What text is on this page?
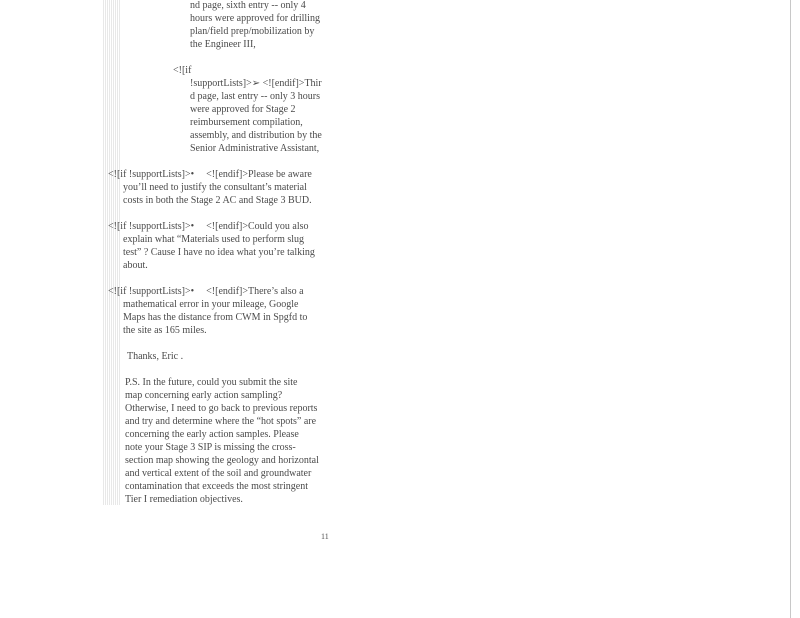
nd page, sixth entry -- only 4
hours were approved for drilling
plan/field prep/mobilization by
the Engineer III,
<![if
!supportLists]>➢ <![endif]>Thir
d page, last entry -- only 3 hours
were approved for Stage 2
reimbursement compilation,
assembly, and distribution by the
Senior Administrative Assistant,
<![if !supportLists]>• <![endif]>Please be aware
you’ll need to justify the consultant’s material
costs in both the Stage 2 AC and Stage 3 BUD.
<![if !supportLists]>• <![endif]>Could you also
explain what “Materials used to perform slug
test” ? Cause I have no idea what you’re talking
about.
<![if !supportLists]>• <![endif]>There’s also a
mathematical error in your mileage, Google
Maps has the distance from CWM in Spgfd to
the site as 165 miles.
Thanks, Eric .
P.S. In the future, could you submit the site
map concerning early action sampling?
Otherwise, I need to go back to previous reports
and try and determine where the “hot spots” are
concerning the early action samples. Please
note your Stage 3 SIP is missing the cross-
section map showing the geology and horizontal
and vertical extent of the soil and groundwater
contamination that exceeds the most stringent
Tier I remediation objectives.
11
